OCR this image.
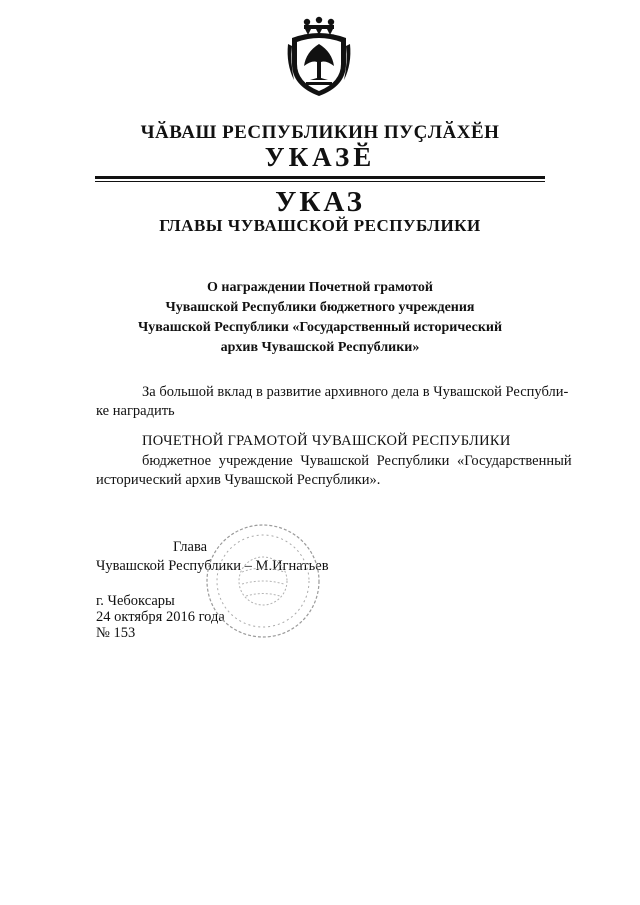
ЧӐВАШ РЕСПУБЛИКИН ПУҪЛӐХӖН
УКАЗӖ
УКАЗ
ГЛАВЫ ЧУВАШСКОЙ РЕСПУБЛИКИ
О награждении Почетной грамотой
Чувашской Республики бюджетного учреждения
Чувашской Республики «Государственный исторический
архив Чувашской Республики»
За большой вклад в развитие архивного дела в Чувашской Республи-
ке наградить
ПОЧЕТНОЙ ГРАМОТОЙ ЧУВАШСКОЙ РЕСПУБЛИКИ
бюджетное учреждение Чувашской Республики «Государственный
исторический архив Чувашской Республики».
Глава
Чувашской Республики – М.Игнатьев
г. Чебоксары
24 октября 2016 года
№ 153
